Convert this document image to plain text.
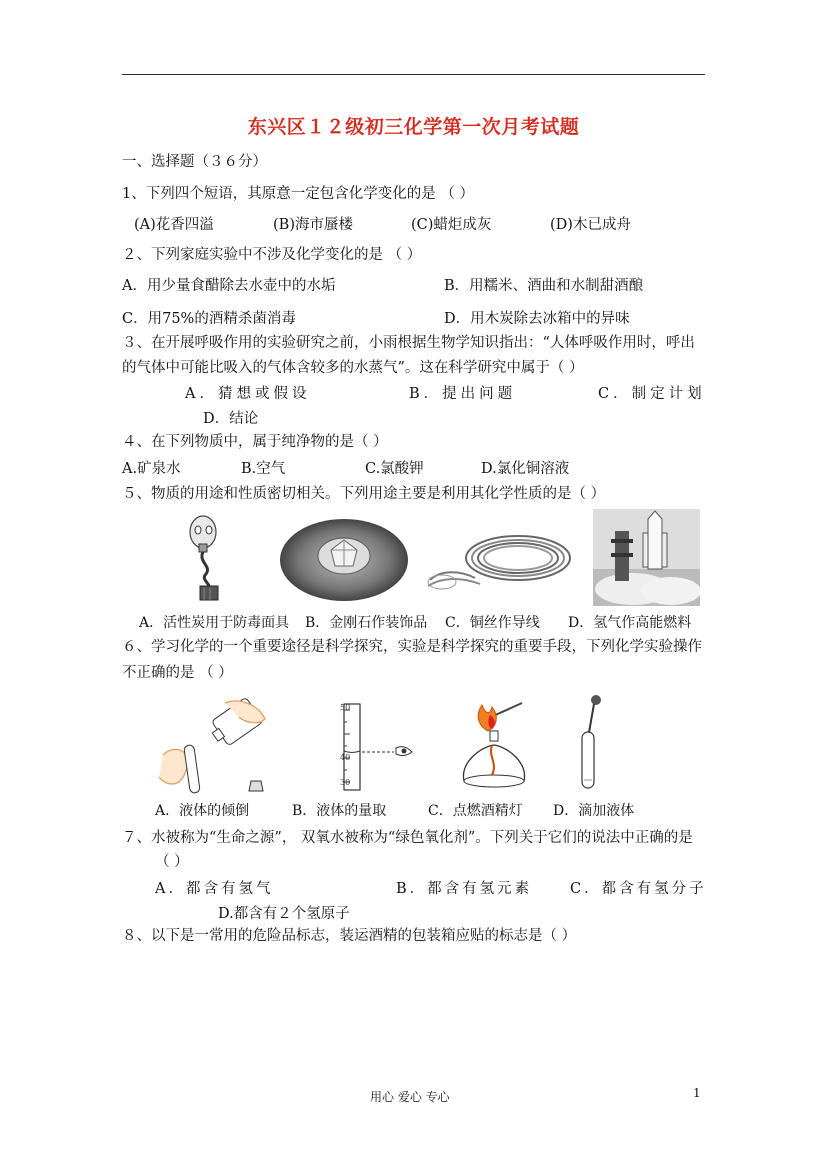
东兴区１２级初三化学第一次月考试题
一、选择题（３６分）
1、下列四个短语，其原意一定包含化学变化的是 （ ）
(A)花香四溢	(B)海市蜃楼	(C)蜡炬成灰	(D)木已成舟
２、下列家庭实验中不涉及化学变化的是 （ ）
A．用少量食醋除去水壶中的水垢	B．用糯米、酒曲和水制甜酒酿
C．用75%的酒精杀菌消毒	D．用木炭除去冰箱中的异味
３、在开展呼吸作用的实验研究之前，小雨根据生物学知识指出：“人体呼吸作用时，呼出
的气体中可能比吸入的气体含较多的水蒸气”。这在科学研究中属于（ ）
A．猜想或假设	B．提出问题	C．制定计划
D．结论
４、在下列物质中，属于纯净物的是（ ）
A.矿泉水	B.空气	C.氯酸钾	D.氯化铜溶液
５、物质的用途和性质密切相关。下列用途主要是利用其化学性质的是（ ）
A．活性炭用于防毒面具 B．金刚石作装饰品 C．铜丝作导线 D．氢气作高能燃料
６、学习化学的一个重要途径是科学探究，实验是科学探究的重要手段，下列化学实验操作
不正确的是 （ ）
50
40
30
A．液体的倾倒	B．液体的量取	C．点燃酒精灯 D．滴加液体
７、水被称为“生命之源”， 双氧水被称为“绿色氧化剂”。下列关于它们的说法中正确的是
（ ）
A．都含有氢气	B．都含有氢元素	C．都含有氢分子
D.都含有２个氢原子
８、以下是一常用的危险品标志，装运酒精的包装箱应贴的标志是（ ）
用心 爱心 专心	1
